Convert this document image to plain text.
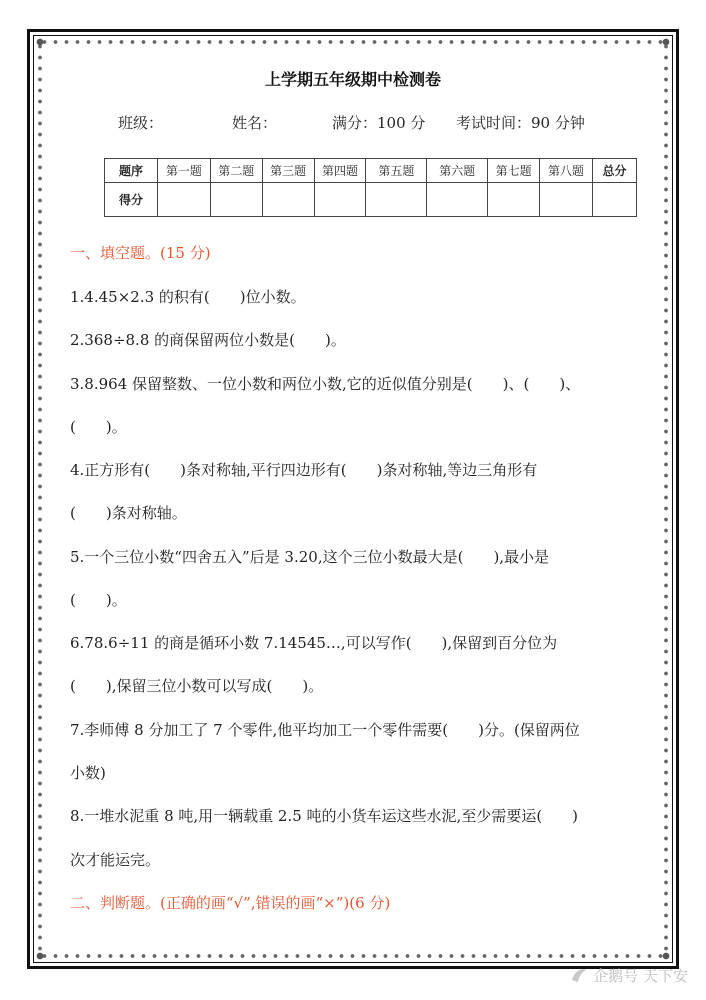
上学期五年级期中检测卷
班级：	姓名：	满分：100 分 考试时间：90 分钟
题序	第一题	第二题	第三题	第四题	第五题	第六题	第七题	第八题	总分
得分									
一、填空题。(15 分)
1.4.45×2.3 的积有(　　)位小数。
2.368÷8.8 的商保留两位小数是(　　)。
3.8.964 保留整数、一位小数和两位小数,它的近似值分别是(　　)、(　　)、
(　　)。
4.正方形有(　　)条对称轴,平行四边形有(　　)条对称轴,等边三角形有
(　　)条对称轴。
5.一个三位小数“四舍五入”后是 3.20,这个三位小数最大是(　　),最小是
(　　)。
6.78.6÷11 的商是循环小数 7.14545…,可以写作(　　),保留到百分位为
(　　),保留三位小数可以写成(　　)。
7.李师傅 8 分加工了 7 个零件,他平均加工一个零件需要(　　)分。(保留两位
小数)
8.一堆水泥重 8 吨,用一辆载重 2.5 吨的小货车运这些水泥,至少需要运(　　)
次才能运完。
二、判断题。(正确的画“√”,错误的画“×”)(6 分)
企鹅号 天下安
